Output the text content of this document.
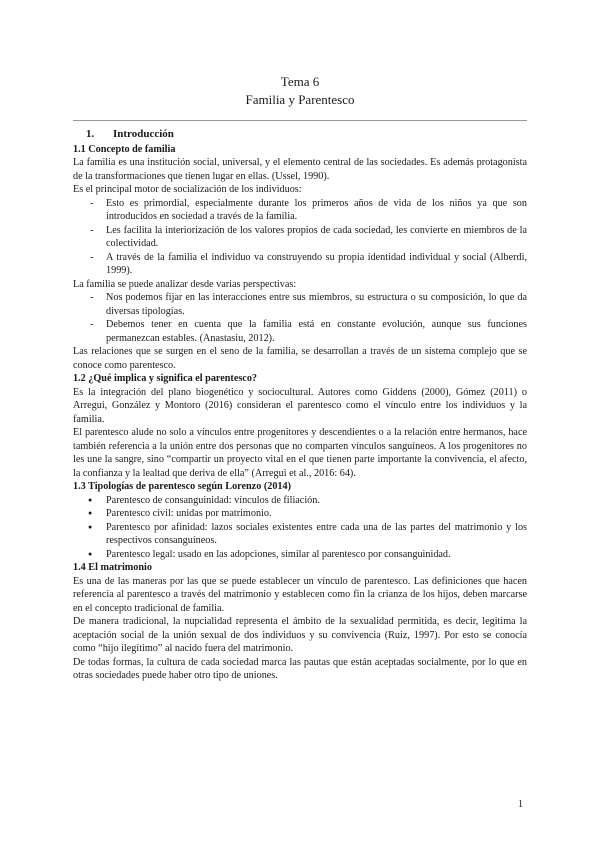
Tema 6
Familia y Parentesco
1.	Introducción
1.1 Concepto de familia

La familia es una institución social, universal, y el elemento central de las sociedades. Es además protagonista de la transformaciones que tienen lugar en ellas. (Ussel, 1990).

Es el principal motor de socialización de los individuos:

- Esto es primordial, especialmente durante los primeros años de vida de los niños ya que son introducidos en sociedad a través de la familia.
- Les facilita la interiorización de los valores propios de cada sociedad, les convierte en miembros de la colectividad.
- A través de la familia el individuo va construyendo su propia identidad individual y social (Alberdi, 1999).

La familia se puede analizar desde varias perspectivas:

- Nos podemos fijar en las interacciones entre sus miembros, su estructura o su composición, lo que da diversas tipologías.
- Debemos tener en cuenta que la familia está en constante evolución, aunque sus funciones permanezcan estables. (Anastasiu, 2012).

Las relaciones que se surgen en el seno de la familia, se desarrollan a través de un sistema complejo que se conoce como parentesco.

1.2 ¿Qué implica y significa el parentesco?

Es la integración del plano biogenético y sociocultural. Autores como Giddens (2000), Gómez (2011) o Arregui, González y Montoro (2016) consideran el parentesco como el vínculo entre los individuos y la familia.

El parentesco alude no solo a vínculos entre progenitores y descendientes o a la relación entre hermanos, hace también referencia a la unión entre dos personas que no comparten vínculos sanguíneos. A los progenitores no les une la sangre, sino “compartir un proyecto vital en el que tienen parte importante la convivencia, el afecto, la confianza y la lealtad que deriva de ella” (Arregui et al., 2016: 64).

1.3 Tipologías de parentesco según Lorenzo (2014)
● Parentesco de consanguinidad: vínculos de filiación.
● Parentesco civil: unidas por matrimonio.
● Parentesco por afinidad: lazos sociales existentes entre cada una de las partes del matrimonio y los respectivos consanguíneos.
● Parentesco legal: usado en las adopciones, similar al parentesco por consanguinidad.
1.4 El matrimonio

Es una de las maneras por las que se puede establecer un vínculo de parentesco. Las definiciones que hacen referencia al parentesco a través del matrimonio y establecen como fin la crianza de los hijos, deben marcarse en el concepto tradicional de familia.

De manera tradicional, la nupcialidad representa el ámbito de la sexualidad permitida, es decir, legitima la aceptación social de la unión sexual de dos individuos y su convivencia (Ruiz, 1997). Por esto se conocía como “hijo ilegítimo” al nacido fuera del matrimonio.

De todas formas, la cultura de cada sociedad marca las pautas que están aceptadas socialmente, por lo que en otras sociedades puede haber otro tipo de uniones.

1
